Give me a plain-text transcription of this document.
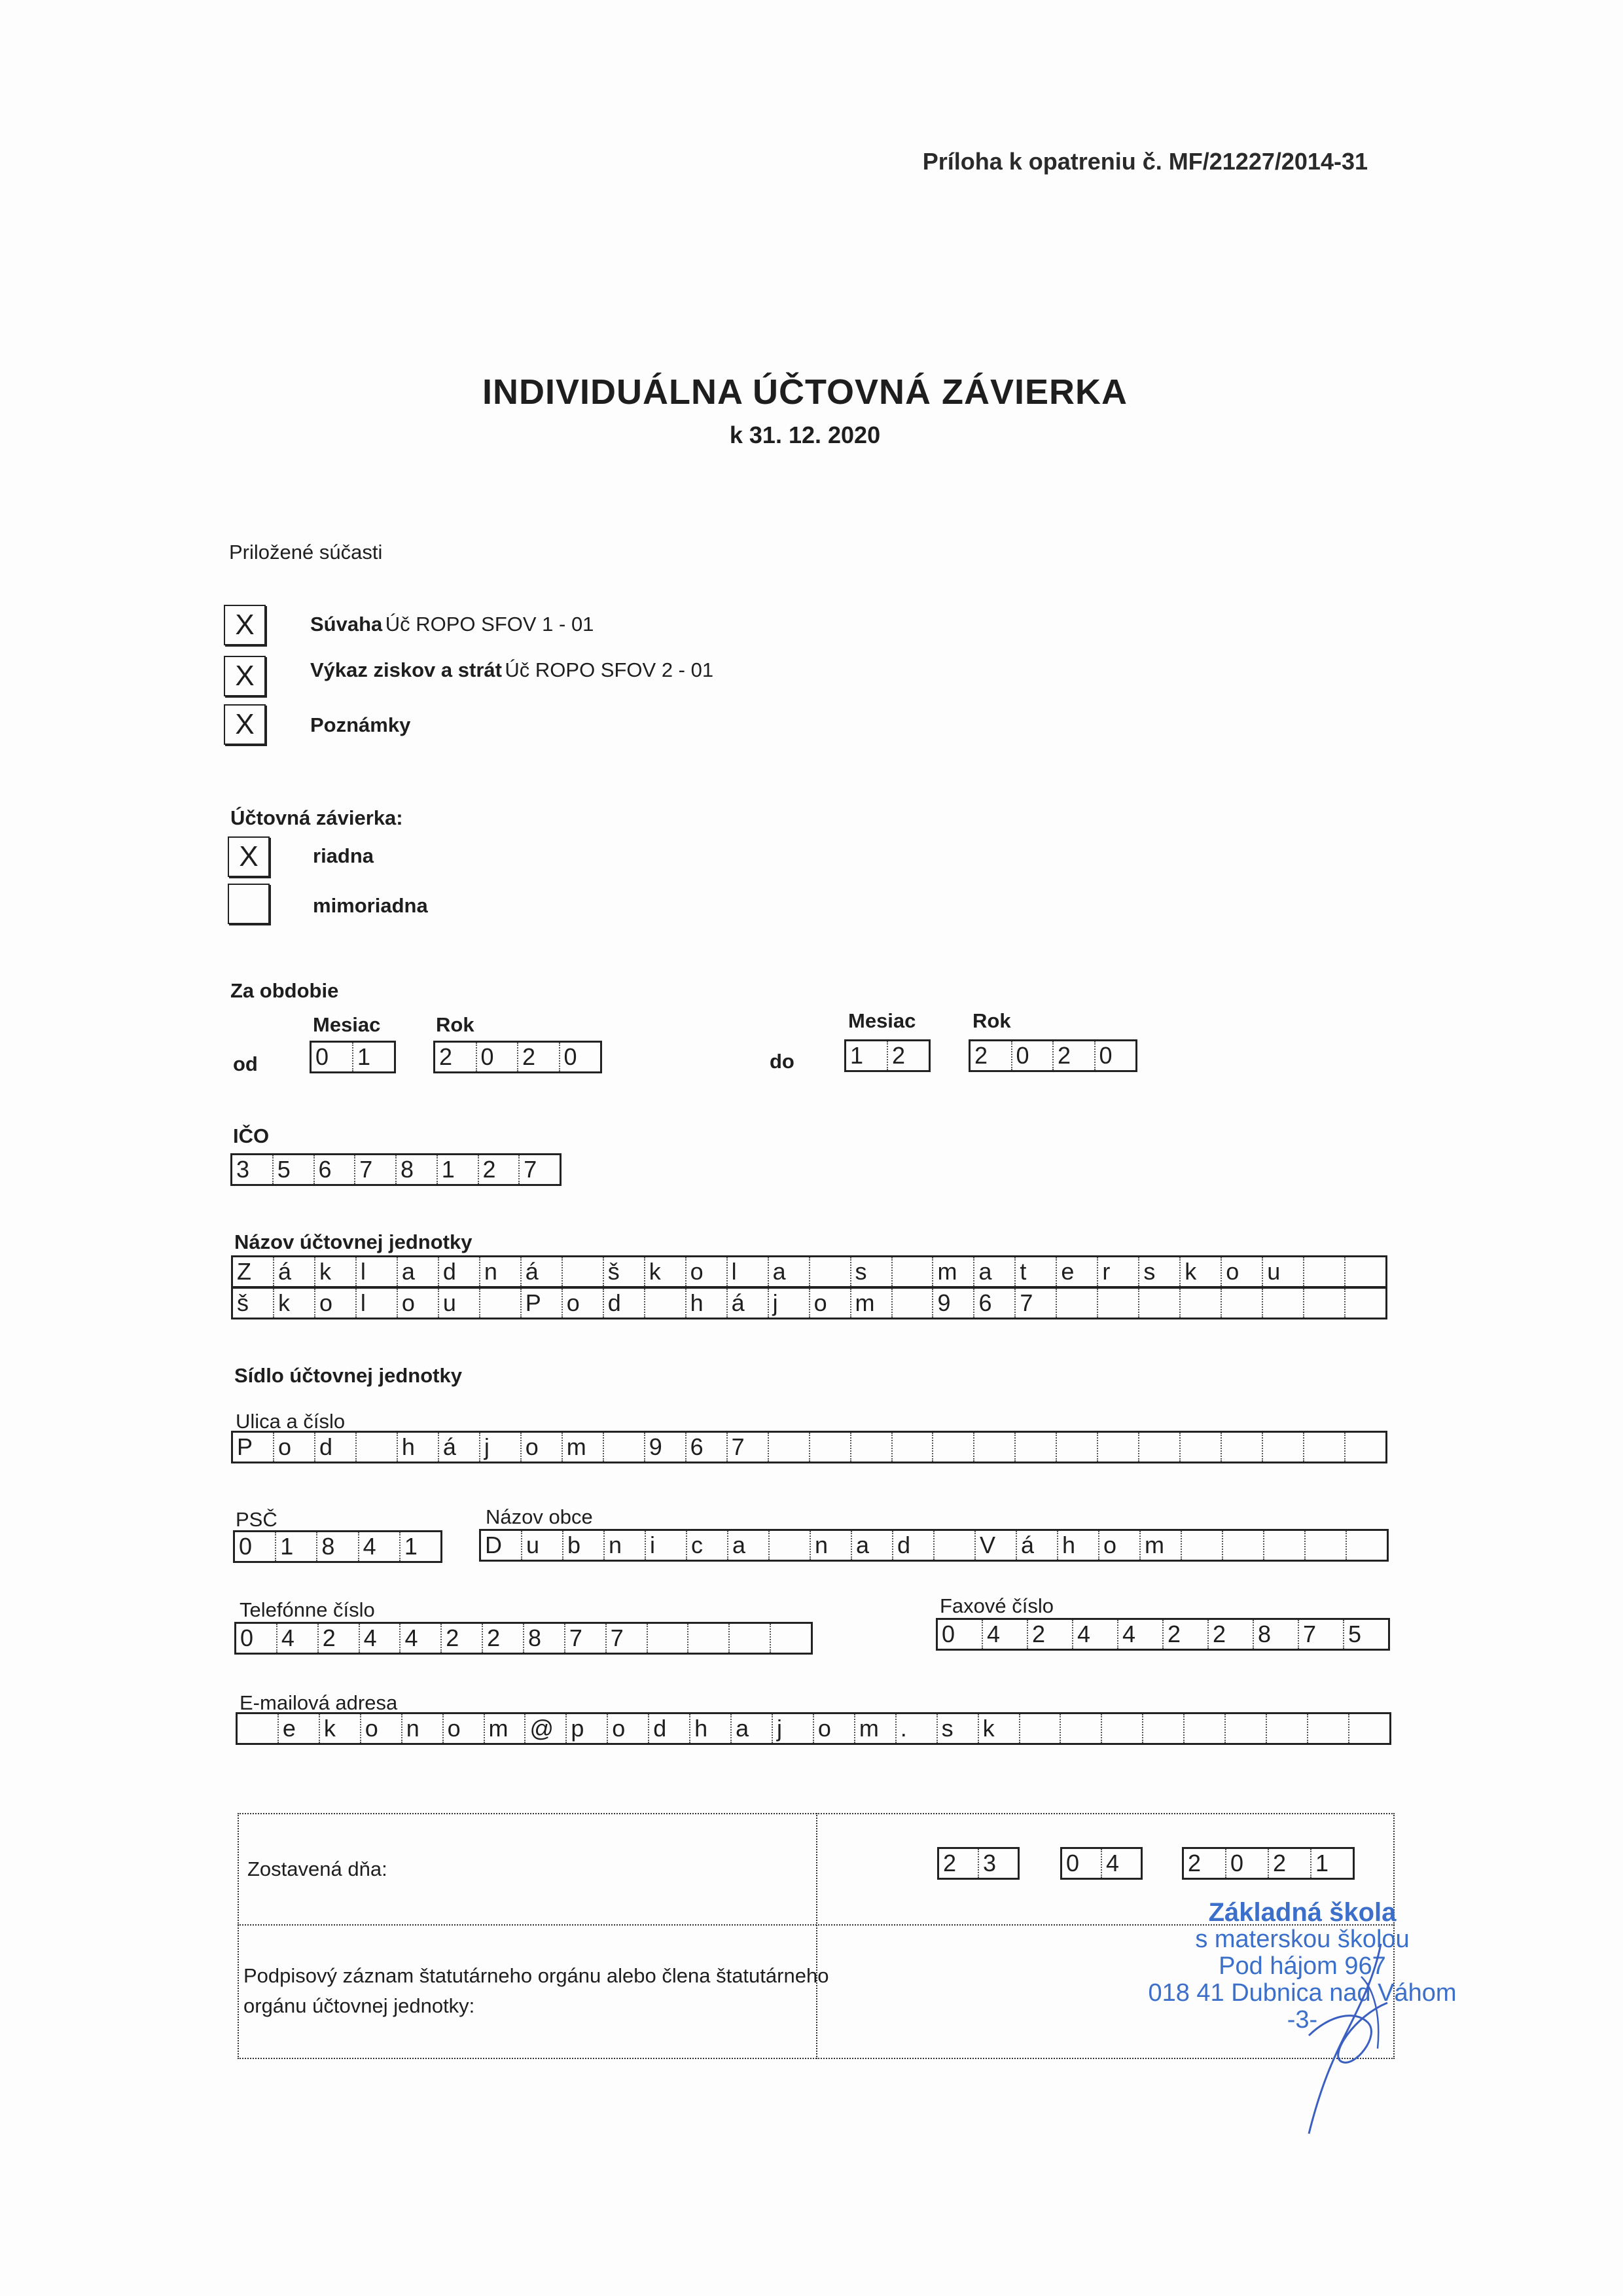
Príloha k opatreniu č. MF/21227/2014-31
INDIVIDUÁLNA ÚČTOVNÁ ZÁVIERKA
k 31. 12. 2020
Priložené súčasti
X	Súvaha Úč ROPO SFOV 1 - 01
X	Výkaz ziskov a strát Úč ROPO SFOV 2 - 01
X	Poznámky
Účtovná závierka:
X	riadna
mimoriadna
Za obdobie
Mesiac	Rok
od 0	1	2	0	2	0
Mesiac	Rok
do 1	2	2	0	2	0
IČO
3	5	6	7	8	1	2	7
Názov účtovnej jednotky
Z	á	k	l	a	d	n	á	š	k	o	l	a	s	m a	t	e	r	s	k	o	u
š	k	o	l	o	u	P	o	d	h	á	j	o	m	9	6	7
Sídlo účtovnej jednotky
Ulica a číslo
P	o	d	h	á	j	o	m	9	6	7
PSČ
0	1	8	4	1
Názov obce
D	u	b	n	i	c	a	n	a	d	V	á	h	o	m
Telefónne číslo
0	4	2	4	4	2	2	8	7	7
Faxové číslo
0	4	2	4	4	2	2	8	7	5
E-mailová adresa
e	k	o	n	o	m @ p	o	d	h	a	j	o	m .	s	k
Zostavená dňa:	2	3	0	4	2	0	2	1
Podpisový záznam štatutárneho orgánu alebo člena štatutárneho
orgánu účtovnej jednotky:
Základná škola
s materskou školou
Pod hájom 967
018 41 Dubnica nad Váhom
-3-
